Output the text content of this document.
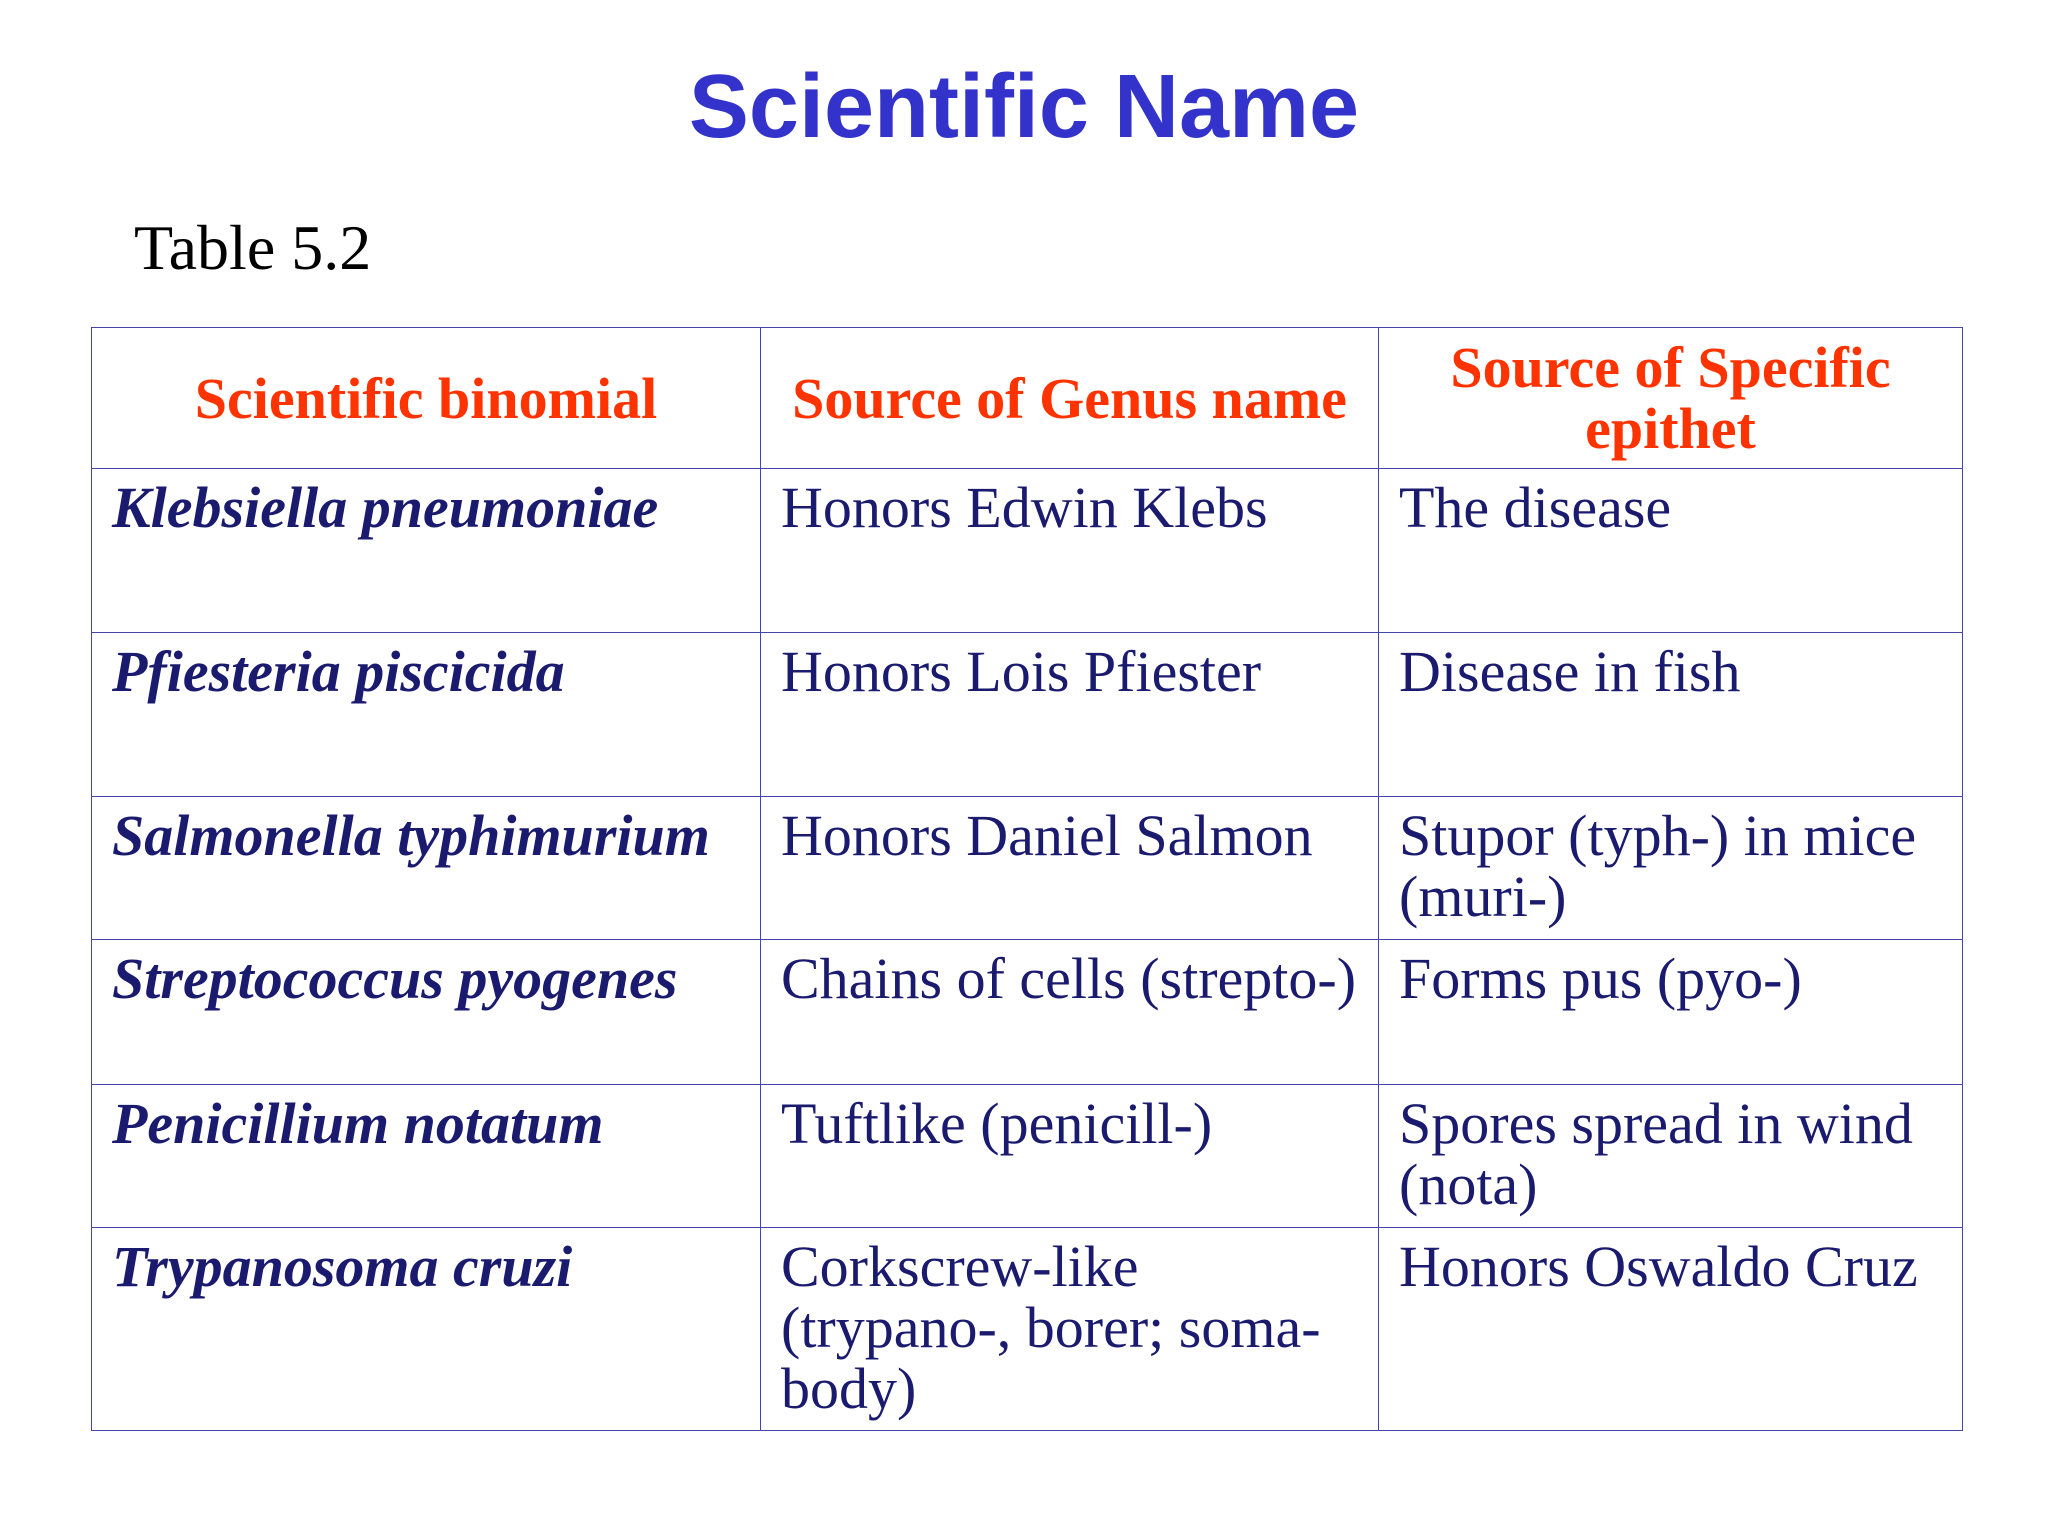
Scientific Name
Table 5.2
Scientific binomial	Source of Genus name	Source of Specific epithet
Klebsiella pneumoniae	Honors Edwin Klebs	The disease
Pfiesteria piscicida	Honors Lois Pfiester	Disease in fish
Salmonella typhimurium	Honors Daniel Salmon	Stupor (typh-) in mice (muri-)
Streptococcus pyogenes	Chains of cells (strepto-)	Forms pus (pyo-)
Penicillium notatum	Tuftlike (penicill-)	Spores spread in wind (nota)
Trypanosoma cruzi	Corkscrew-like (trypano-, borer; soma-body)	Honors Oswaldo Cruz
